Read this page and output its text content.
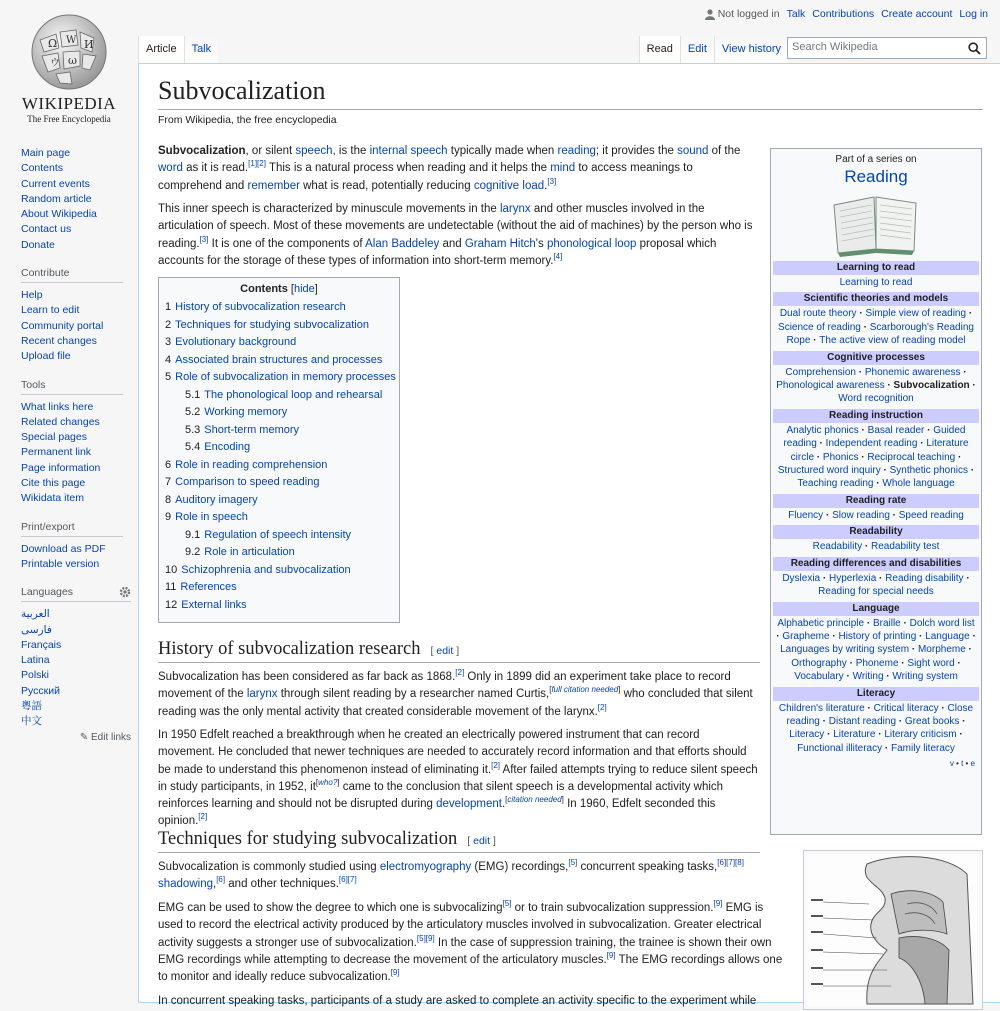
Ω W И
ウ ω
WIKIPEDIA
The Free Encyclopedia
Main page
Contents
Current events
Random article
About Wikipedia
Contact us
Donate
Contribute
Help
Learn to edit
Community portal
Recent changes
Upload file
Tools
What links here
Related changes
Special pages
Permanent link
Page information
Cite this page
Wikidata item
Print/export
Download as PDF
Printable version
Languages
العربية
فارسی
Français
Latina
Polski
Русский
粵語
中文
✎ Edit links
Not logged in Talk Contributions Create account Log in
Article	Talk	Read	Edit	View history	Search Wikipedia
Subvocalization
From Wikipedia, the free encyclopedia

Subvocalization, or silent speech, is the internal speech typically made when reading; it provides the sound of the word as it is read.[1][2] This is a natural process when reading and it helps the mind to access meanings to comprehend and remember what is read, potentially reducing cognitive load.[3]

This inner speech is characterized by minuscule movements in the larynx and other muscles involved in the articulation of speech. Most of these movements are undetectable (without the aid of machines) by the person who is reading.[3] It is one of the components of Alan Baddeley and Graham Hitch's phonological loop proposal which accounts for the storage of these types of information into short-term memory.[4]

Contents [hide]
1 History of subvocalization research
2 Techniques for studying subvocalization
3 Evolutionary background
4 Associated brain structures and processes
5 Role of subvocalization in memory processes
5.1 The phonological loop and rehearsal
5.2 Working memory
5.3 Short-term memory
5.4 Encoding
6 Role in reading comprehension
7 Comparison to speed reading
8 Auditory imagery
9 Role in speech
9.1 Regulation of speech intensity
9.2 Role in articulation
10 Schizophrenia and subvocalization
11 References
12 External links
History of subvocalization research [ edit ]

Subvocalization has been considered as far back as 1868.[2] Only in 1899 did an experiment take place to record movement of the larynx through silent reading by a researcher named Curtis,[full citation needed] who concluded that silent reading was the only mental activity that created considerable movement of the larynx.[2]

In 1950 Edfelt reached a breakthrough when he created an electrically powered instrument that can record movement. He concluded that newer techniques are needed to accurately record information and that efforts should be made to understand this phenomenon instead of eliminating it.[2] After failed attempts trying to reduce silent speech in study participants, in 1952, it[who?] came to the conclusion that silent speech is a developmental activity which reinforces learning and should not be disrupted during development.[citation needed] In 1960, Edfelt seconded this opinion.[2]

Techniques for studying subvocalization [ edit ]

Subvocalization is commonly studied using electromyography (EMG) recordings,[5] concurrent speaking tasks,[6][7][8] shadowing,[6] and other techniques.[6][7]

EMG can be used to show the degree to which one is subvocalizing[5] or to train subvocalization suppression.[9] EMG is used to record the electrical activity produced by the articulatory muscles involved in subvocalization. Greater electrical activity suggests a stronger use of subvocalization.[5][9] In the case of suppression training, the trainee is shown their own EMG recordings while attempting to decrease the movement of the articulatory muscles.[9] The EMG recordings allows one to monitor and ideally reduce subvocalization.[9]

In concurrent speaking tasks, participants of a study are asked to complete an activity specific to the experiment while

Part of a series on
Reading
Learning to read
Learning to read
Scientific theories and models
Dual route theory · Simple view of reading · Science of reading · Scarborough's Reading Rope · The active view of reading model
Cognitive processes
Comprehension · Phonemic awareness · Phonological awareness · Subvocalization · Word recognition
Reading instruction
Analytic phonics · Basal reader · Guided reading · Independent reading · Literature circle · Phonics · Reciprocal teaching · Structured word inquiry · Synthetic phonics · Teaching reading · Whole language
Reading rate
Fluency · Slow reading · Speed reading
Readability
Readability · Readability test
Reading differences and disabilities
Dyslexia · Hyperlexia · Reading disability · Reading for special needs
Language
Alphabetic principle · Braille · Dolch word list · Grapheme · History of printing · Language · Languages by writing system · Morpheme · Orthography · Phoneme · Sight word · Vocabulary · Writing · Writing system
Literacy
Children's literature · Critical literacy · Close reading · Distant reading · Great books · Literacy · Literature · Literary criticism · Functional illiteracy · Family literacy
v • t • e
